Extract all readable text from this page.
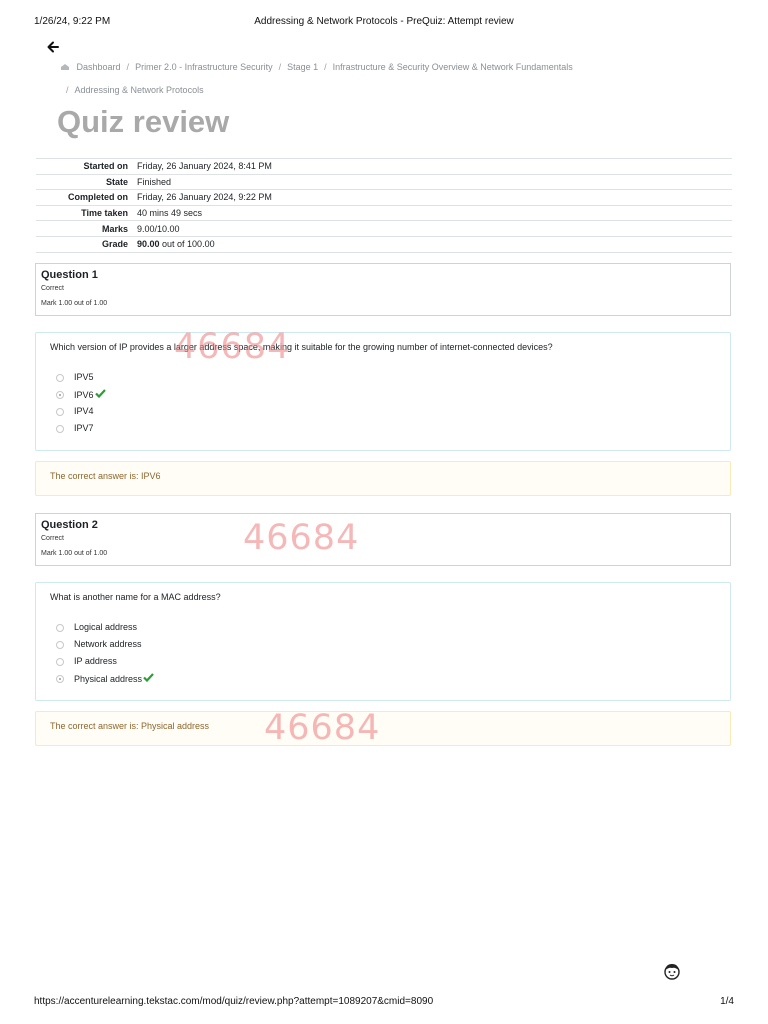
1/26/24, 9:22 PM	Addressing & Network Protocols - PreQuiz: Attempt review
Dashboard / Primer 2.0 - Infrastructure Security / Stage 1 / Infrastructure & Security Overview & Network Fundamentals
/ Addressing & Network Protocols
Quiz review
Started on	Friday, 26 January 2024, 8:41 PM
State	Finished
Completed on	Friday, 26 January 2024, 9:22 PM
Time taken	40 mins 49 secs
Marks	9.00/10.00
Grade	90.00 out of 100.00
Question 1
Correct
Mark 1.00 out of 1.00
Which version of IP provides a larger address space, making it suitable for the growing number of internet-connected devices?
IPV5
IPV6
IPV4
IPV7
The correct answer is: IPV6
Question 2
Correct
Mark 1.00 out of 1.00
What is another name for a MAC address?
Logical address
Network address
IP address
Physical address
The correct answer is: Physical address
46684
46684
46684
https://accenturelearning.tekstac.com/mod/quiz/review.php?attempt=1089207&cmid=8090	1/4
